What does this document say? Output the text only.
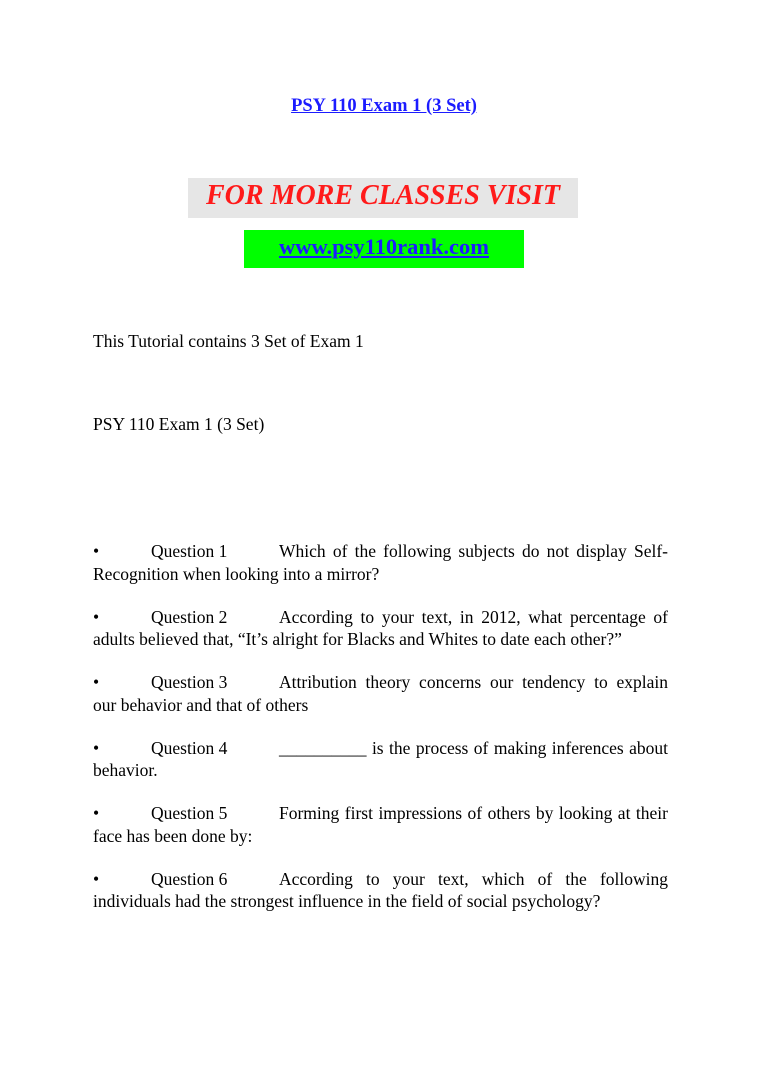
PSY 110 Exam 1 (3 Set)
FOR MORE CLASSES VISIT
www.psy110rank.com
This Tutorial contains 3 Set of Exam 1
PSY 110 Exam 1 (3 Set)

•	Question 1	Which of the following subjects do not display Self-Recognition when looking into a mirror?

•	Question 2	According to your text, in 2012, what percentage of adults believed that, “It’s alright for Blacks and Whites to date each other?”

•	Question 3	Attribution theory concerns our tendency to explain our behavior and that of others

•	Question 4	__________ is the process of making inferences about behavior.

•	Question 5	Forming first impressions of others by looking at their face has been done by:

•	Question 6	According to your text, which of the following individuals had the strongest influence in the field of social psychology?
